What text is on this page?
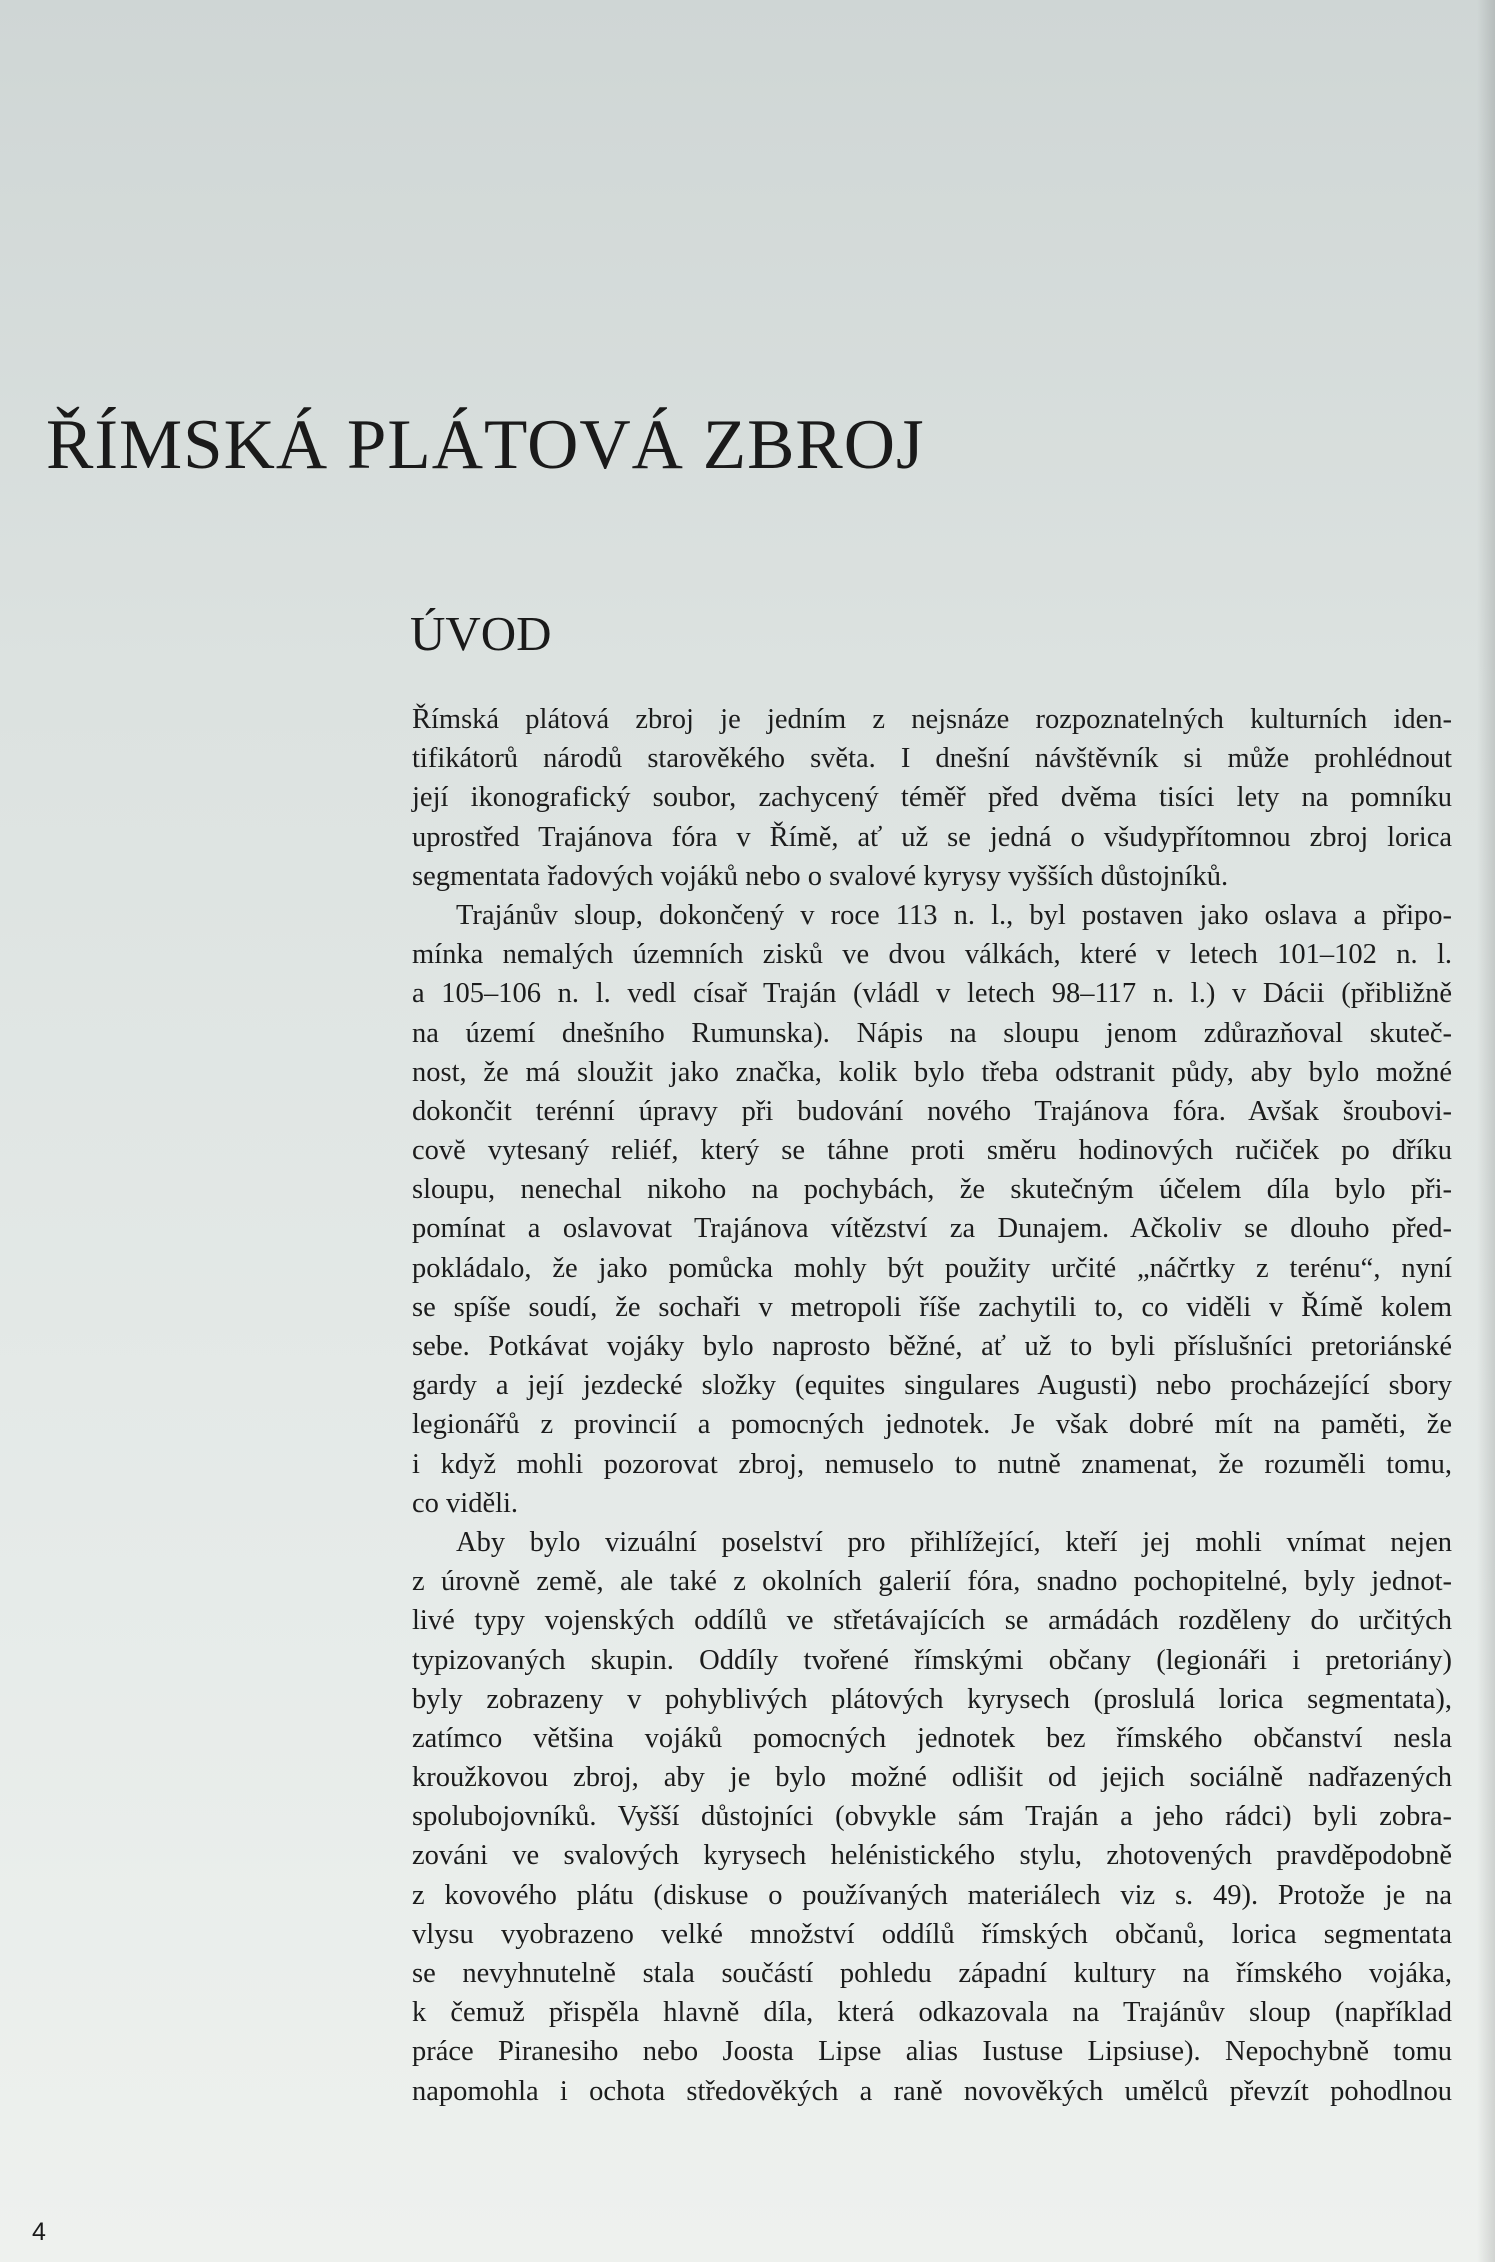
ŘÍMSKÁ PLÁTOVÁ ZBROJ
ÚVOD
Římská plátová zbroj je jedním z nejsnáze rozpoznatelných kulturních iden-
tifikátorů národů starověkého světa. I dnešní návštěvník si může prohlédnout
její ikonografický soubor, zachycený téměř před dvěma tisíci lety na pomníku
uprostřed Trajánova fóra v Římě, ať už se jedná o všudypřítomnou zbroj lorica
segmentata řadových vojáků nebo o svalové kyrysy vyšších důstojníků.
Trajánův sloup, dokončený v roce 113 n. l., byl postaven jako oslava a připo-
mínka nemalých územních zisků ve dvou válkách, které v letech 101–102 n. l.
a 105–106 n. l. vedl císař Traján (vládl v letech 98–117 n. l.) v Dácii (přibližně
na území dnešního Rumunska). Nápis na sloupu jenom zdůrazňoval skuteč-
nost, že má sloužit jako značka, kolik bylo třeba odstranit půdy, aby bylo možné
dokončit terénní úpravy při budování nového Trajánova fóra. Avšak šroubovi-
covĕ vytesaný reliéf, který se táhne proti směru hodinových ručiček po dříku
sloupu, nenechal nikoho na pochybách, že skutečným účelem díla bylo při-
pomínat a oslavovat Trajánova vítězství za Dunajem. Ačkoliv se dlouho před-
pokládalo, že jako pomůcka mohly být použity určité „náčrtky z terénu“, nyní
se spíše soudí, že sochaři v metropoli říše zachytili to, co viděli v Římě kolem
sebe. Potkávat vojáky bylo naprosto běžné, ať už to byli příslušníci pretoriánské
gardy a její jezdecké složky (equites singulares Augusti) nebo procházející sbory
legionářů z provincií a pomocných jednotek. Je však dobré mít na paměti, že
i když mohli pozorovat zbroj, nemuselo to nutně znamenat, že rozuměli tomu,
co viděli.
Aby bylo vizuální poselství pro přihlížející, kteří jej mohli vnímat nejen
z úrovně země, ale také z okolních galerií fóra, snadno pochopitelné, byly jednot-
livé typy vojenských oddílů ve střetávajících se armádách rozděleny do určitých
typizovaných skupin. Oddíly tvořené římskými občany (legionáři i pretoriány)
byly zobrazeny v pohyblivých plátových kyrysech (proslulá lorica segmentata),
zatímco většina vojáků pomocných jednotek bez římského občanství nesla
kroužkovou zbroj, aby je bylo možné odlišit od jejich sociálně nadřazených
spolubojovníků. Vyšší důstojníci (obvykle sám Traján a jeho rádci) byli zobra-
zováni ve svalových kyrysech helénistického stylu, zhotovených pravděpodobně
z kovového plátu (diskuse o používaných materiálech viz s. 49). Protože je na
vlysu vyobrazeno velké množství oddílů římských občanů, lorica segmentata
se nevyhnutelně stala součástí pohledu západní kultury na římského vojáka,
k čemuž přispěla hlavně díla, která odkazovala na Trajánův sloup (například
práce Piranesiho nebo Joosta Lipse alias Iustuse Lipsiuse). Nepochybně tomu
napomohla i ochota středověkých a raně novověkých umělců převzít pohodlnou
4
